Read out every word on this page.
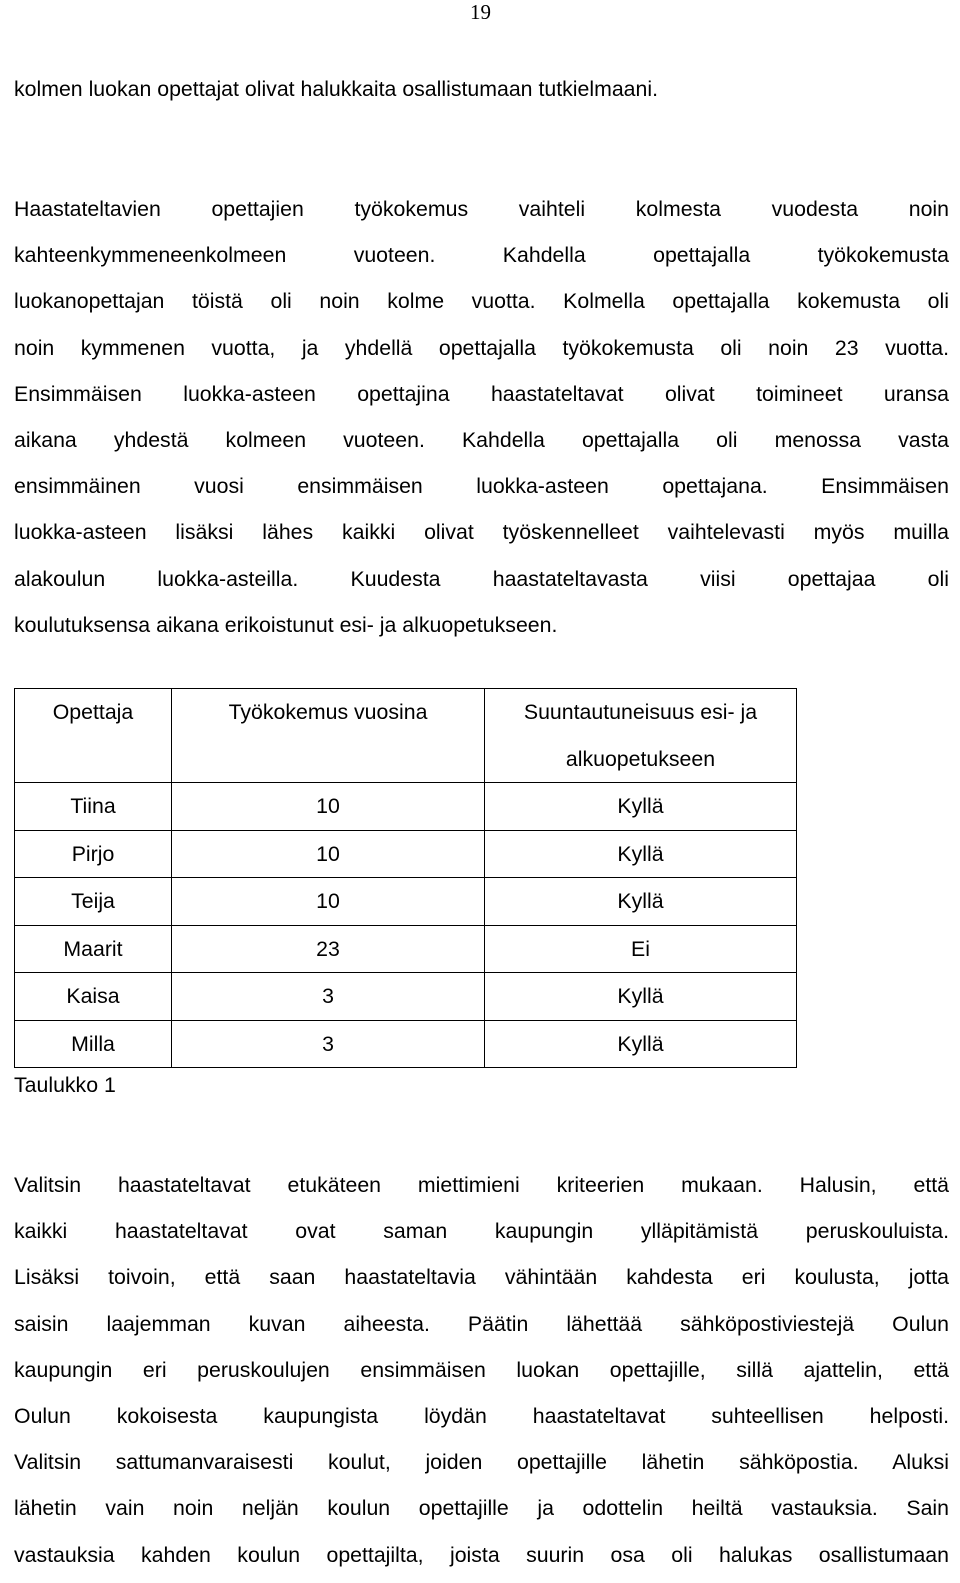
19
kolmen luokan opettajat olivat halukkaita osallistumaan tutkielmaani.
Haastateltavien opettajien työkokemus vaihteli kolmesta vuodesta noin
kahteenkymmeneenkolmeen vuoteen. Kahdella opettajalla työkokemusta
luokanopettajan töistä oli noin kolme vuotta. Kolmella opettajalla kokemusta oli
noin kymmenen vuotta, ja yhdellä opettajalla työkokemusta oli noin 23 vuotta.
Ensimmäisen luokka-asteen opettajina haastateltavat olivat toimineet uransa
aikana yhdestä kolmeen vuoteen. Kahdella opettajalla oli menossa vasta
ensimmäinen vuosi ensimmäisen luokka-asteen opettajana. Ensimmäisen
luokka-asteen lisäksi lähes kaikki olivat työskennelleet vaihtelevasti myös muilla
alakoulun luokka-asteilla. Kuudesta haastateltavasta viisi opettajaa oli
koulutuksensa aikana erikoistunut esi- ja alkuopetukseen.
Opettaja	Työkokemus vuosina	Suuntautuneisuus esi- ja
alkuopetukseen

Tiina	10	Kyllä
Pirjo	10	Kyllä
Teija	10	Kyllä
Maarit	23	Ei
Kaisa	3	Kyllä
Milla	3	Kyllä
Taulukko 1
Valitsin haastateltavat etukäteen miettimieni kriteerien mukaan. Halusin, että
kaikki haastateltavat ovat saman kaupungin ylläpitämistä peruskouluista.
Lisäksi toivoin, että saan haastateltavia vähintään kahdesta eri koulusta, jotta
saisin laajemman kuvan aiheesta. Päätin lähettää sähköpostiviestejä Oulun
kaupungin eri peruskoulujen ensimmäisen luokan opettajille, sillä ajattelin, että
Oulun kokoisesta kaupungista löydän haastateltavat suhteellisen helposti.
Valitsin sattumanvaraisesti koulut, joiden opettajille lähetin sähköpostia. Aluksi
lähetin vain noin neljän koulun opettajille ja odottelin heiltä vastauksia. Sain
vastauksia kahden koulun opettajilta, joista suurin osa oli halukas osallistumaan
